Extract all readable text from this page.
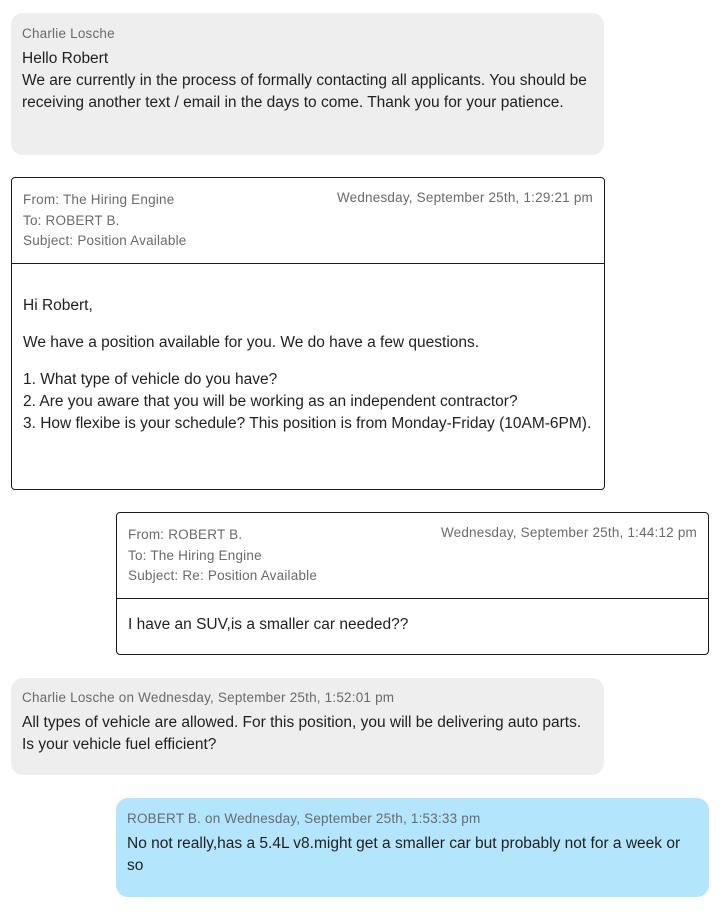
Charlie Losche
Hello Robert
We are currently in the process of formally contacting all applicants. You should be receiving another text / email in the days to come. Thank you for your patience.
From: The Hiring Engine
To: ROBERT B.
Subject: Position Available
Wednesday, September 25th, 1:29:21 pm

Hi Robert,

We have a position available for you. We do have a few questions.

1. What type of vehicle do you have?

2. Are you aware that you will be working as an independent contractor?

3. How flexibe is your schedule? This position is from Monday-Friday (10AM-6PM).

From: ROBERT B.
To: The Hiring Engine
Subject: Re: Position Available
Wednesday, September 25th, 1:44:12 pm

I have an SUV,is a smaller car needed??

Charlie Losche on Wednesday, September 25th, 1:52:01 pm
All types of vehicle are allowed. For this position, you will be delivering auto parts. Is your vehicle fuel efficient?
ROBERT B. on Wednesday, September 25th, 1:53:33 pm
No not really,has a 5.4L v8.might get a smaller car but probably not for a week or so
